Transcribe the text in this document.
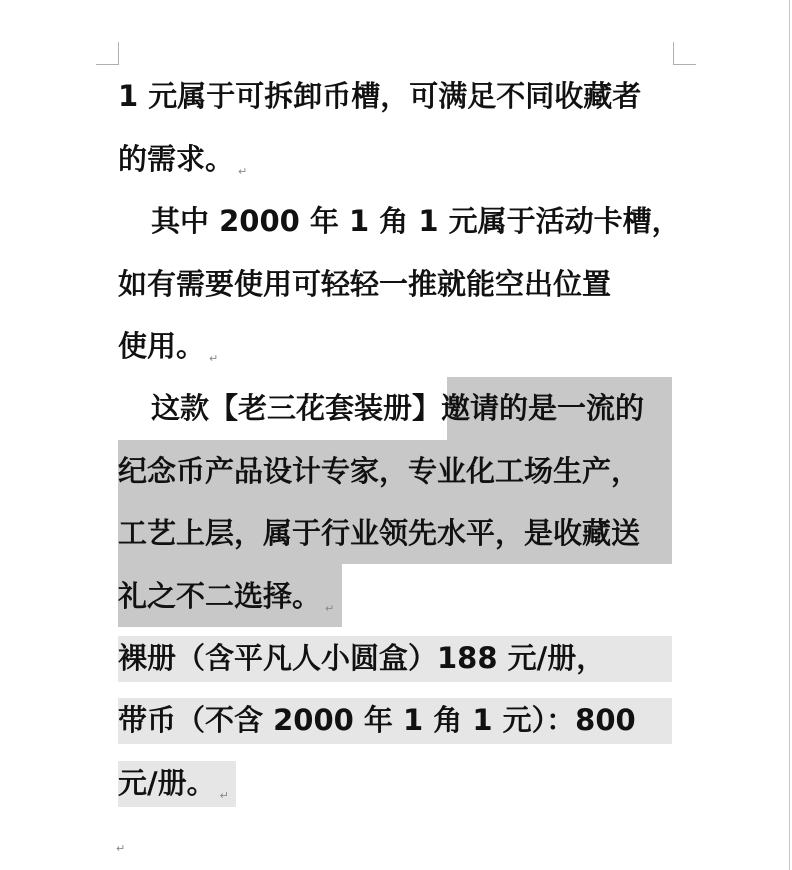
1 元属于可拆卸币槽，可满足不同收藏者
的需求。 $_↵$
其中 2000 年 1 角 1 元属于活动卡槽，
如有需要使用可轻轻一推就能空出位置
使用。 $_↵$
这款【老三花套装册】邀请的是一流的
纪念币产品设计专家，专业化工场生产，
工艺上层，属于行业领先水平，是收藏送
礼之不二选择。 $_↵$
裸册（含平凡人小圆盒）188 元/册，
带币（不含 2000 年 1 角 1 元）：800
元/册。 $_↵$
↵
